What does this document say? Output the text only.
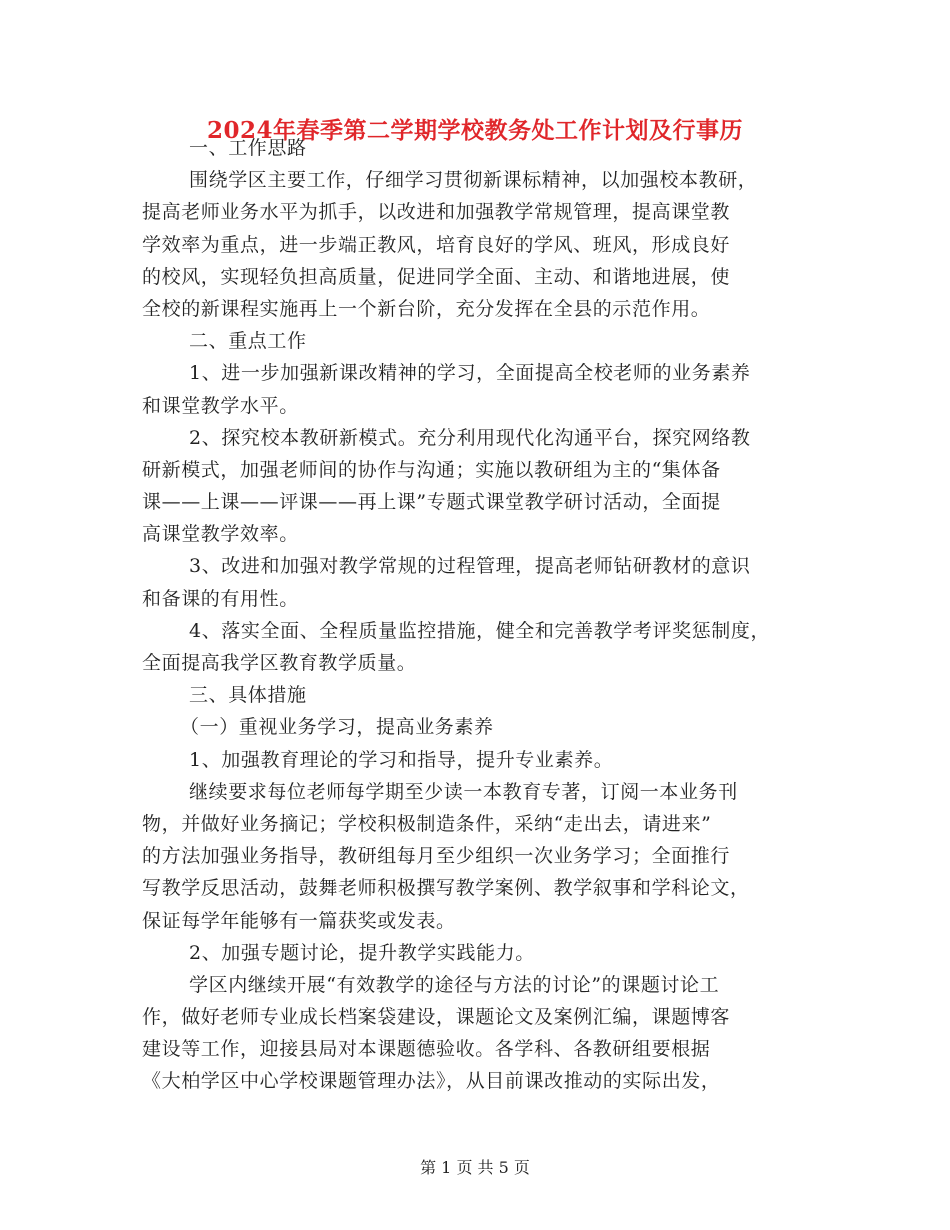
2024年春季第二学期学校教务处工作计划及行事历
一、工作思路
围绕学区主要工作，仔细学习贯彻新课标精神，以加强校本教研，
提高老师业务水平为抓手，以改进和加强教学常规管理，提高课堂教
学效率为重点，进一步端正教风，培育良好的学风、班风，形成良好
的校风，实现轻负担高质量，促进同学全面、主动、和谐地进展，使
全校的新课程实施再上一个新台阶，充分发挥在全县的示范作用。
二、重点工作
1、进一步加强新课改精神的学习，全面提高全校老师的业务素养
和课堂教学水平。
2、探究校本教研新模式。充分利用现代化沟通平台，探究网络教
研新模式，加强老师间的协作与沟通；实施以教研组为主的“集体备
课——上课——评课——再上课”专题式课堂教学研讨活动，全面提
高课堂教学效率。
3、改进和加强对教学常规的过程管理，提高老师钻研教材的意识
和备课的有用性。
4、落实全面、全程质量监控措施，健全和完善教学考评奖惩制度，
全面提高我学区教育教学质量。
三、具体措施
（一）重视业务学习，提高业务素养
1、加强教育理论的学习和指导，提升专业素养。
继续要求每位老师每学期至少读一本教育专著，订阅一本业务刊
物，并做好业务摘记；学校积极制造条件，采纳“走出去，请进来”
的方法加强业务指导，教研组每月至少组织一次业务学习；全面推行
写教学反思活动，鼓舞老师积极撰写教学案例、教学叙事和学科论文，
保证每学年能够有一篇获奖或发表。
2、加强专题讨论，提升教学实践能力。
学区内继续开展“有效教学的途径与方法的讨论”的课题讨论工
作，做好老师专业成长档案袋建设，课题论文及案例汇编，课题博客
建设等工作，迎接县局对本课题德验收。各学科、各教研组要根据
《大柏学区中心学校课题管理办法》，从目前课改推动的实际出发，
第 1 页 共 5 页
